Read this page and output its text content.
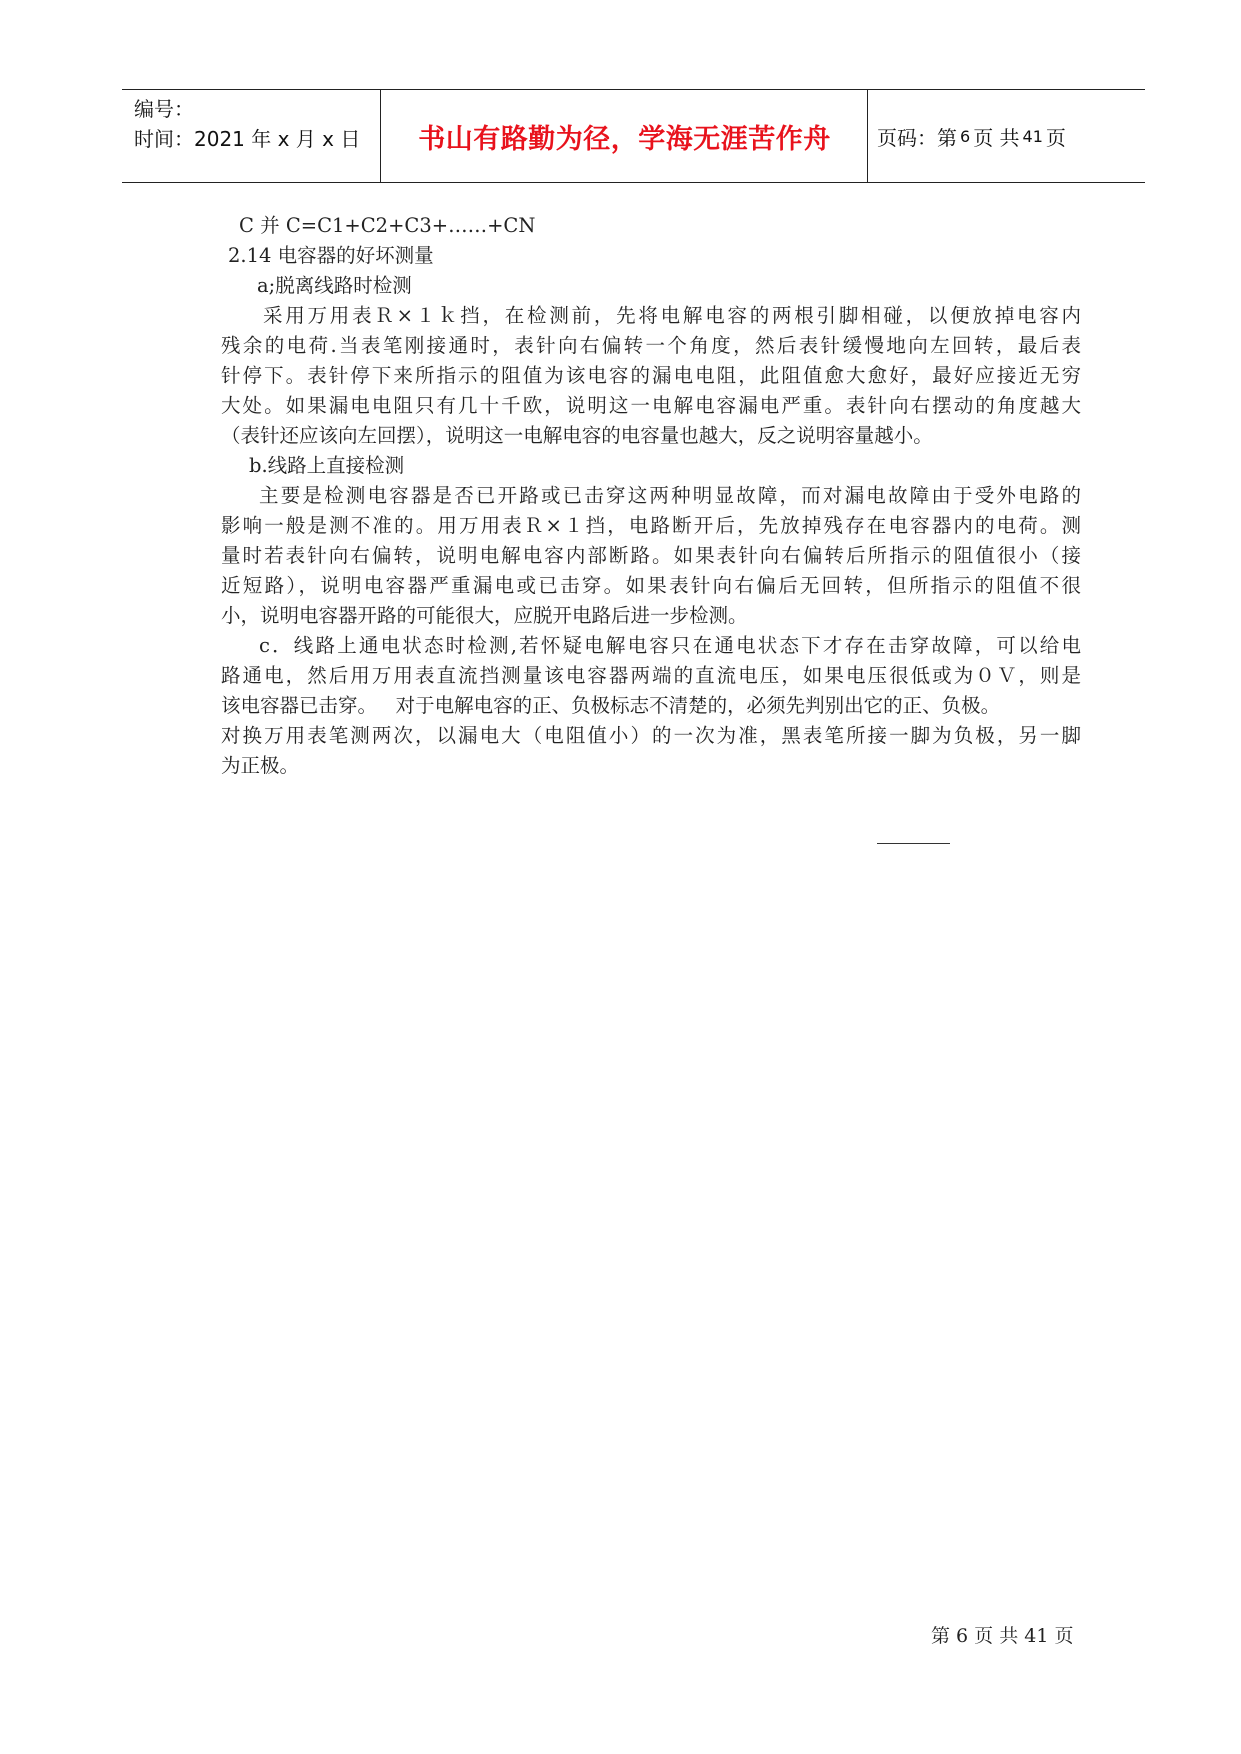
编号：
时间：2021 年 x 月 x 日	书山有路勤为径，学海无涯苦作舟	页码：第 6 页 共 41 页
C 并 C=C1+C2+C3+……+CN
2.14 电容器的好坏测量
a;脱离线路时检测
采用万用表Ｒ×１ｋ挡，在检测前，先将电解电容的两根引脚相碰，以便放掉电容内
残余的电荷.当表笔刚接通时，表针向右偏转一个角度，然后表针缓慢地向左回转，最后表
针停下。表针停下来所指示的阻值为该电容的漏电电阻，此阻值愈大愈好，最好应接近无穷
大处。如果漏电电阻只有几十千欧，说明这一电解电容漏电严重。表针向右摆动的角度越大
（表针还应该向左回摆），说明这一电解电容的电容量也越大，反之说明容量越小。
b.线路上直接检测
主要是检测电容器是否已开路或已击穿这两种明显故障，而对漏电故障由于受外电路的
影响一般是测不准的。用万用表Ｒ×１挡，电路断开后，先放掉残存在电容器内的电荷。测
量时若表针向右偏转，说明电解电容内部断路。如果表针向右偏转后所指示的阻值很小（接
近短路），说明电容器严重漏电或已击穿。如果表针向右偏后无回转，但所指示的阻值不很
小，说明电容器开路的可能很大，应脱开电路后进一步检测。
c．线路上通电状态时检测,若怀疑电解电容只在通电状态下才存在击穿故障，可以给电
路通电，然后用万用表直流挡测量该电容器两端的直流电压，如果电压很低或为０Ｖ，则是
该电容器已击穿。   对于电解电容的正、负极标志不清楚的，必须先判别出它的正、负极。
对换万用表笔测两次，以漏电大（电阻值小）的一次为准，黑表笔所接一脚为负极，另一脚
为正极。
第 6 页 共 41 页
